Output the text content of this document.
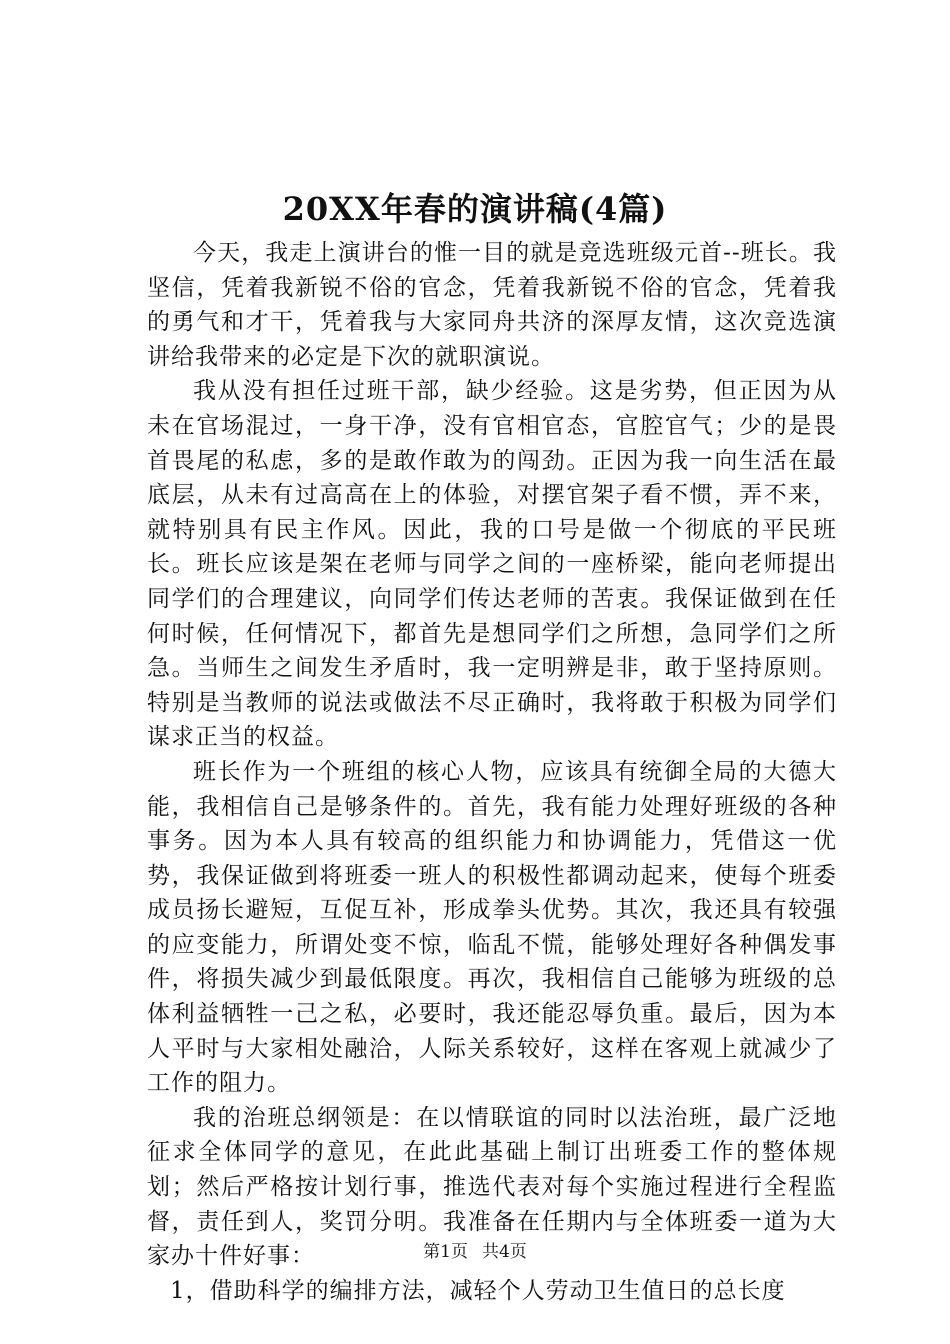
20XX年春的演讲稿(4篇)

今天，我走上演讲台的惟一目的就是竞选班级元首--班长。我坚信，凭着我新锐不俗的官念，凭着我新锐不俗的官念，凭着我的勇气和才干，凭着我与大家同舟共济的深厚友情，这次竞选演讲给我带来的必定是下次的就职演说。

我从没有担任过班干部，缺少经验。这是劣势，但正因为从未在官场混过，一身干净，没有官相官态，官腔官气；少的是畏首畏尾的私虑，多的是敢作敢为的闯劲。正因为我一向生活在最底层，从未有过高高在上的体验，对摆官架子看不惯，弄不来，就特别具有民主作风。因此，我的口号是做一个彻底的平民班长。班长应该是架在老师与同学之间的一座桥梁，能向老师提出同学们的合理建议，向同学们传达老师的苦衷。我保证做到在任何时候，任何情况下，都首先是想同学们之所想，急同学们之所急。当师生之间发生矛盾时，我一定明辨是非，敢于坚持原则。特别是当教师的说法或做法不尽正确时，我将敢于积极为同学们谋求正当的权益。

班长作为一个班组的核心人物，应该具有统御全局的大德大能，我相信自己是够条件的。首先，我有能力处理好班级的各种事务。因为本人具有较高的组织能力和协调能力，凭借这一优势，我保证做到将班委一班人的积极性都调动起来，使每个班委成员扬长避短，互促互补，形成拳头优势。其次，我还具有较强的应变能力，所谓处变不惊，临乱不慌，能够处理好各种偶发事件，将损失减少到最低限度。再次，我相信自己能够为班级的总体利益牺牲一己之私，必要时，我还能忍辱负重。最后，因为本人平时与大家相处融洽，人际关系较好，这样在客观上就减少了工作的阻力。

我的治班总纲领是：在以情联谊的同时以法治班，最广泛地征求全体同学的意见，在此此基础上制订出班委工作的整体规划；然后严格按计划行事，推选代表对每个实施过程进行全程监督，责任到人，奖罚分明。我准备在任期内与全体班委一道为大家办十件好事：

1，借助科学的编排方法，减轻个人劳动卫生值日的总长度

第1页 共4页
